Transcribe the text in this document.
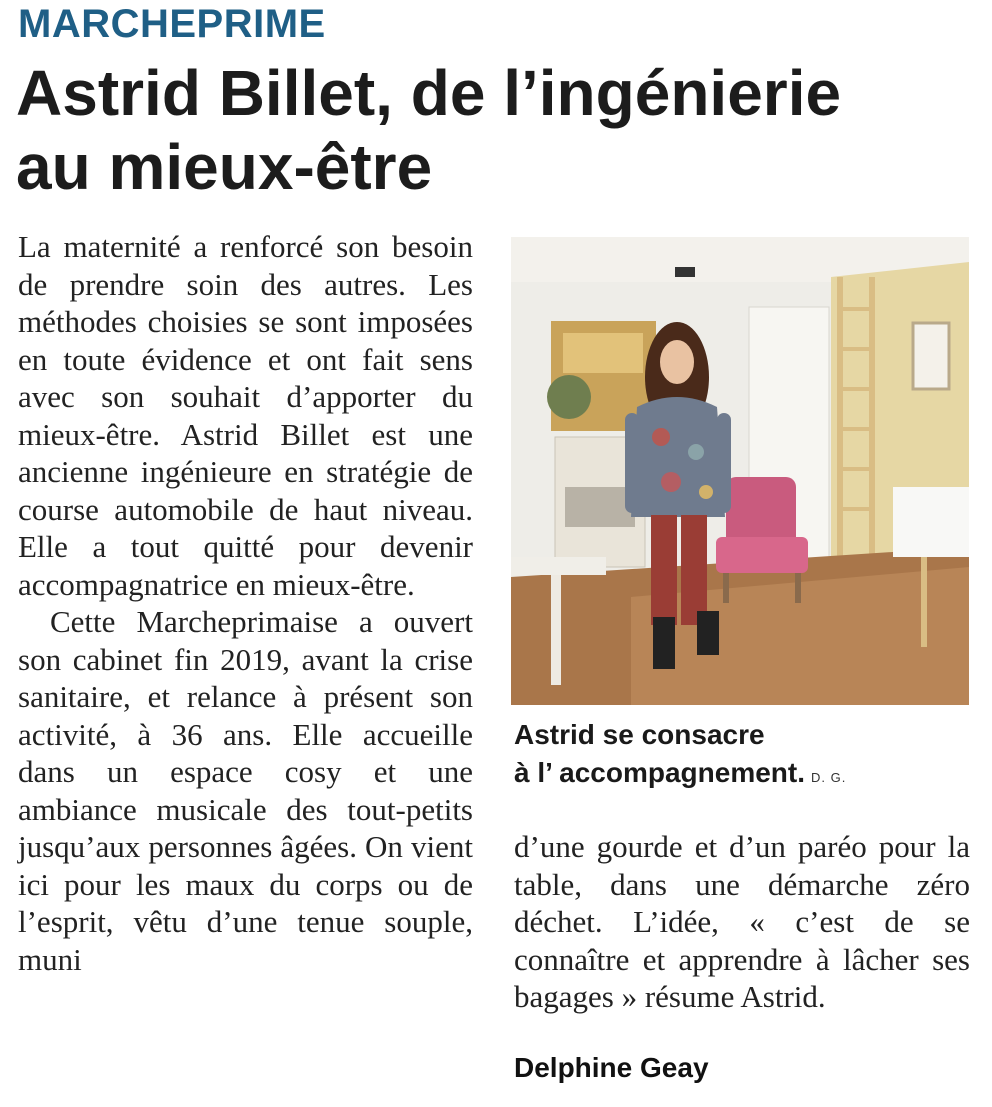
MARCHEPRIME
Astrid Billet, de l’ingénierie
au mieux-être

La maternité a renforcé son besoin de prendre soin des autres. Les méthodes choisies se sont imposées en toute évidence et ont fait sens avec son souhait d’apporter du mieux-être. Astrid Billet est une ancienne ingénieure en stratégie de course automobile de haut niveau. Elle a tout quitté pour devenir accompagnatrice en mieux-être.

Cette Marcheprimaise a ouvert son cabinet fin 2019, avant la crise sanitaire, et relance à présent son activité, à 36 ans. Elle accueille dans un espace cosy et une ambiance musicale des tout-petits jusqu’aux personnes âgées. On vient ici pour les maux du corps ou de l’esprit, vêtu d’une tenue souple, muni

Astrid se consacre
à l’ accompagnement. D. G.

d’une gourde et d’un paréo pour la table, dans une démarche zéro déchet. L’idée, « c’est de se connaître et apprendre à lâcher ses bagages » résume Astrid.

Delphine Geay
